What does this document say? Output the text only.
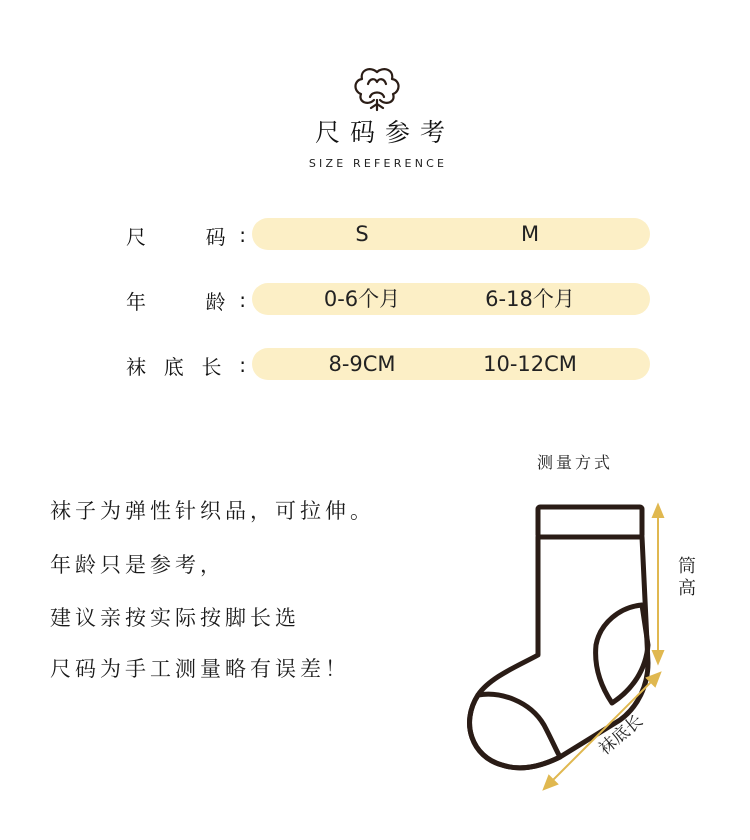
尺码参考
SIZE REFERENCE
尺	码 :	S	M
年	龄 :	0-6个月	6-18个月
袜 底 长 :	8-9CM	10-12CM
袜子为弹性针织品，可拉伸。
年龄只是参考，
建议亲按实际按脚长选
尺码为手工测量略有误差！
测量方式
筒高
袜底长
